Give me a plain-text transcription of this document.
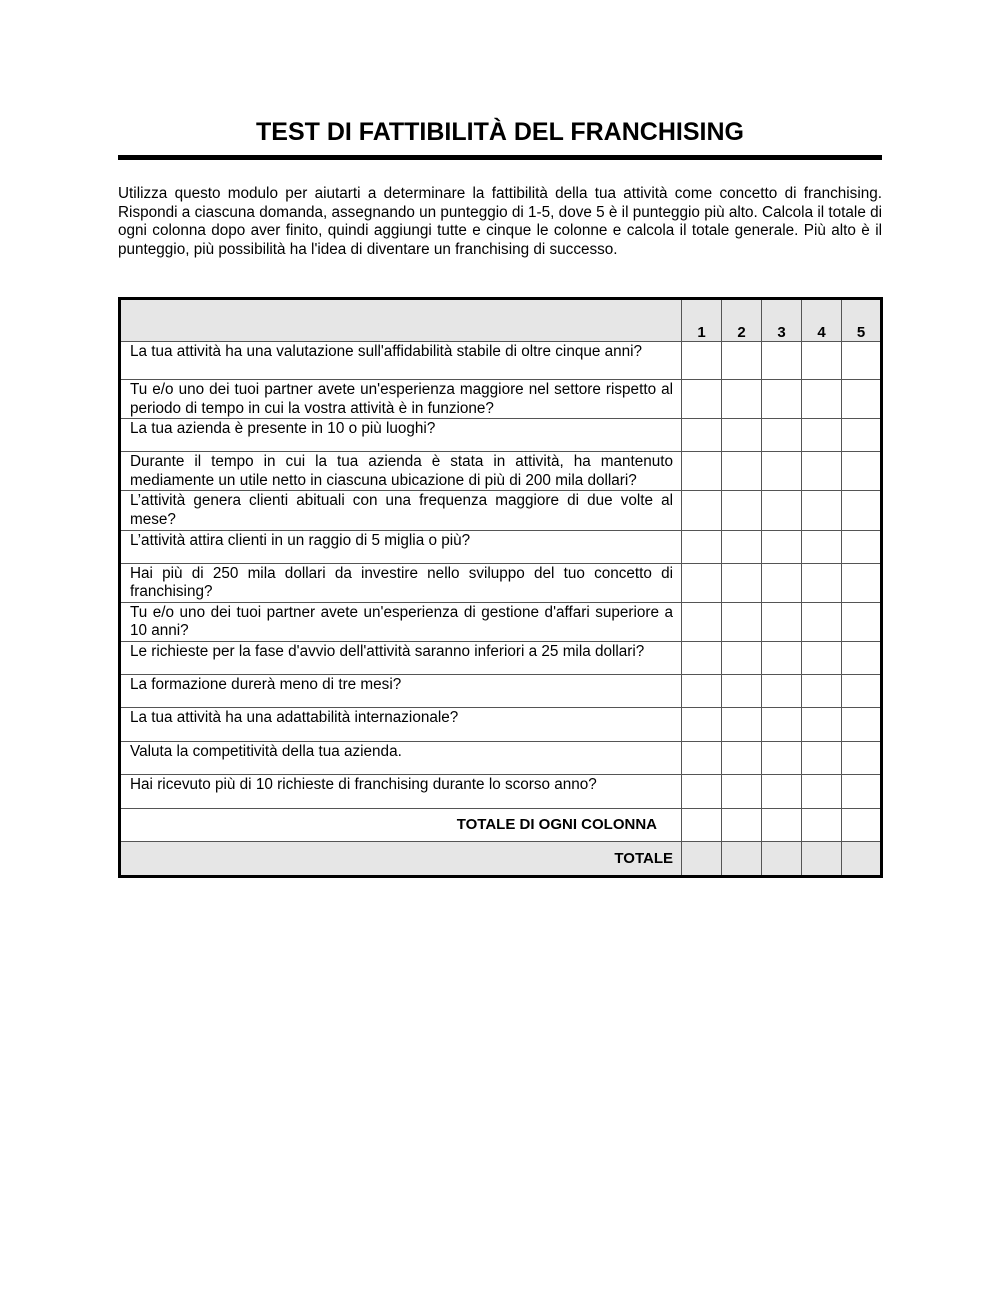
TEST DI FATTIBILITÀ DEL FRANCHISING

Utilizza questo modulo per aiutarti a determinare la fattibilità della tua attività come concetto di franchising. Rispondi a ciascuna domanda, assegnando un punteggio di 1-5, dove 5 è il punteggio più alto. Calcola il totale di ogni colonna dopo aver finito, quindi aggiungi tutte e cinque le colonne e calcola il totale generale. Più alto è il punteggio, più possibilità ha l'idea di diventare un franchising di successo.

	1	2	3	4	5
La tua attività ha una valutazione sull'affidabilità stabile di oltre cinque anni?					
Tu e/o uno dei tuoi partner avete un'esperienza maggiore nel settore rispetto al periodo di tempo in cui la vostra attività è in funzione?					
La tua azienda è presente in 10 o più luoghi?					
Durante il tempo in cui la tua azienda è stata in attività, ha mantenuto mediamente un utile netto in ciascuna ubicazione di più di 200 mila dollari?					
L’attività genera clienti abituali con una frequenza maggiore di due volte al mese?					
L’attività attira clienti in un raggio di 5 miglia o più?					
Hai più di 250 mila dollari da investire nello sviluppo del tuo concetto di franchising?					
Tu e/o uno dei tuoi partner avete un'esperienza di gestione d'affari superiore a 10 anni?					
Le richieste per la fase d'avvio dell'attività saranno inferiori a 25 mila dollari?					
La formazione durerà meno di tre mesi?					
La tua attività ha una adattabilità internazionale?					
Valuta la competitività della tua azienda.					
Hai ricevuto più di 10 richieste di franchising durante lo scorso anno?					
TOTALE DI OGNI COLONNA					
TOTALE					
